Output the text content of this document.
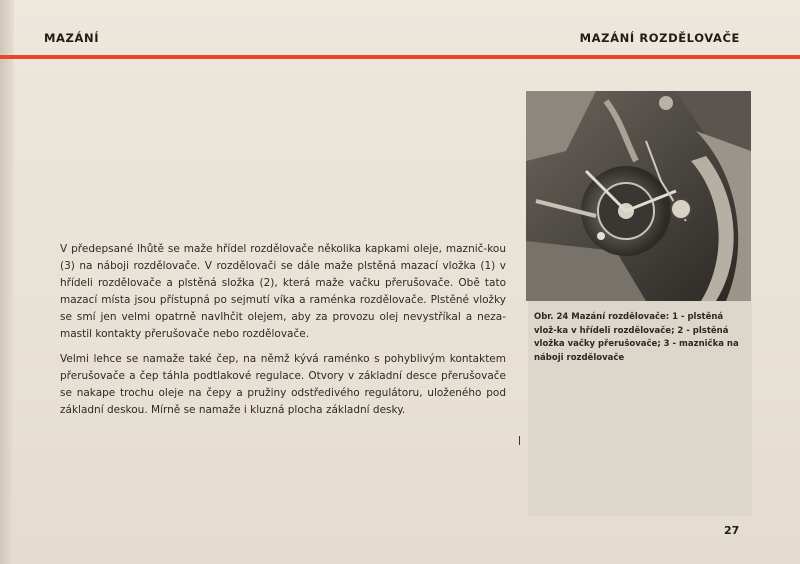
MAZÁNÍ	MAZÁNÍ ROZDĚLOVAČE

V předepsané lhůtě se maže hřídel rozdělovače několika kapkami oleje, maznič-kou (3) na náboji rozdělovače. V rozdělovači se dále maže plstěná mazací vložka (1) v hřídeli rozdělovače a plstěná složka (2), která maže vačku přerušovače. Obě tato mazací místa jsou přístupná po sejmutí víka a raménka rozdělovače. Plstěné vložky se smí jen velmi opatrně navlhčit olejem, aby za provozu olej nevystříkal a neza-mastil kontakty přerušovače nebo rozdělovače.

Velmi lehce se namaže také čep, na němž kývá raménko s pohyblivým kontaktem přerušovače a čep táhla podtlakové regulace. Otvory v základní desce přerušovače se nakape trochu oleje na čepy a pružiny odstředivého regulátoru, uloženého pod základní deskou. Mírně se namaže i kluzná plocha základní desky.

Obr. 24 Mazání rozdělovače: 1 - plstěná vlož-ka v hřídeli rozdělovače; 2 - plstěná vložka vačky přerušovače; 3 - maznička na náboji rozdělovače
27
